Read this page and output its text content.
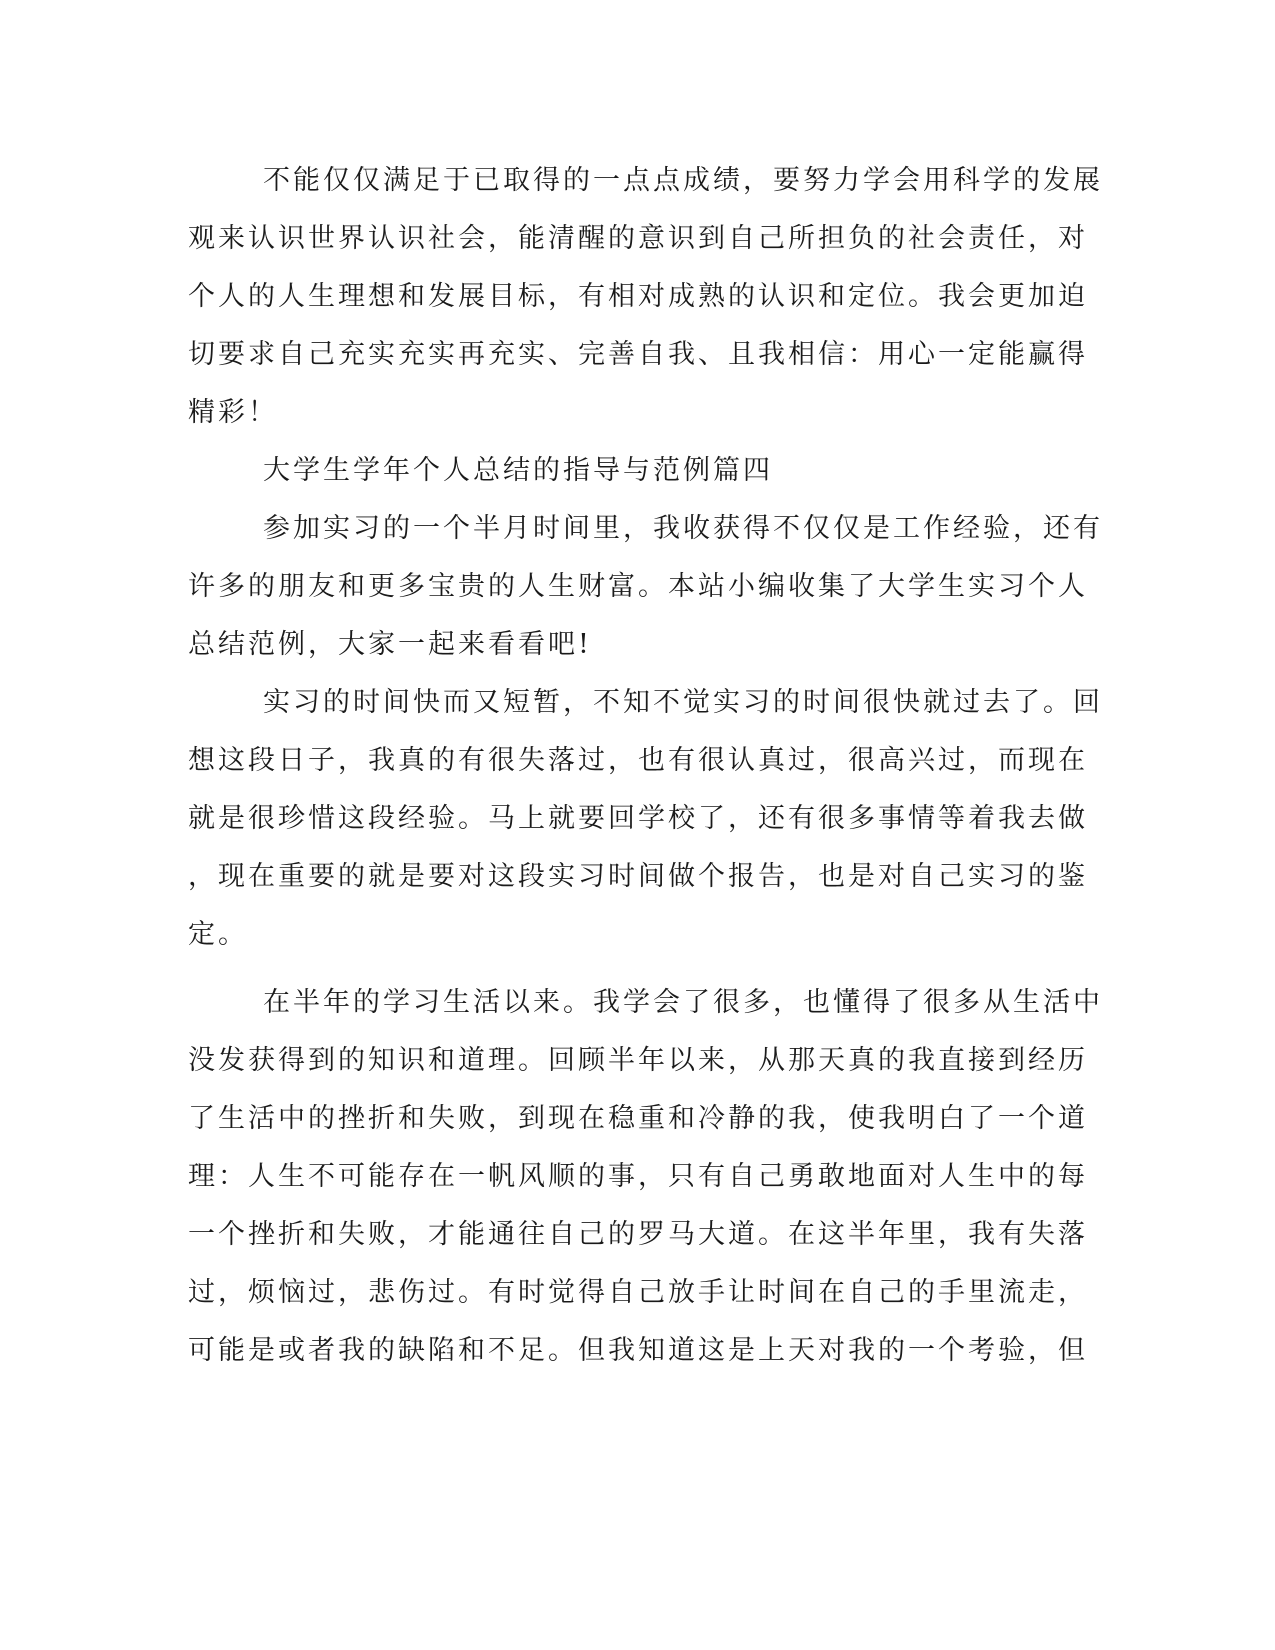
不能仅仅满足于已取得的一点点成绩，要努力学会用科学的发展
观来认识世界认识社会，能清醒的意识到自己所担负的社会责任，对
个人的人生理想和发展目标，有相对成熟的认识和定位。我会更加迫
切要求自己充实充实再充实、完善自我、且我相信：用心一定能赢得
精彩！
大学生学年个人总结的指导与范例篇四
参加实习的一个半月时间里，我收获得不仅仅是工作经验，还有
许多的朋友和更多宝贵的人生财富。本站小编收集了大学生实习个人
总结范例，大家一起来看看吧!
实习的时间快而又短暂，不知不觉实习的时间很快就过去了。回
想这段日子，我真的有很失落过，也有很认真过，很高兴过，而现在
就是很珍惜这段经验。马上就要回学校了，还有很多事情等着我去做
，现在重要的就是要对这段实习时间做个报告，也是对自己实习的鉴
定。
在半年的学习生活以来。我学会了很多，也懂得了很多从生活中
没发获得到的知识和道理。回顾半年以来，从那天真的我直接到经历
了生活中的挫折和失败，到现在稳重和冷静的我，使我明白了一个道
理：人生不可能存在一帆风顺的事，只有自己勇敢地面对人生中的每
一个挫折和失败，才能通往自己的罗马大道。在这半年里，我有失落
过，烦恼过，悲伤过。有时觉得自己放手让时间在自己的手里流走，
可能是或者我的缺陷和不足。但我知道这是上天对我的一个考验，但
